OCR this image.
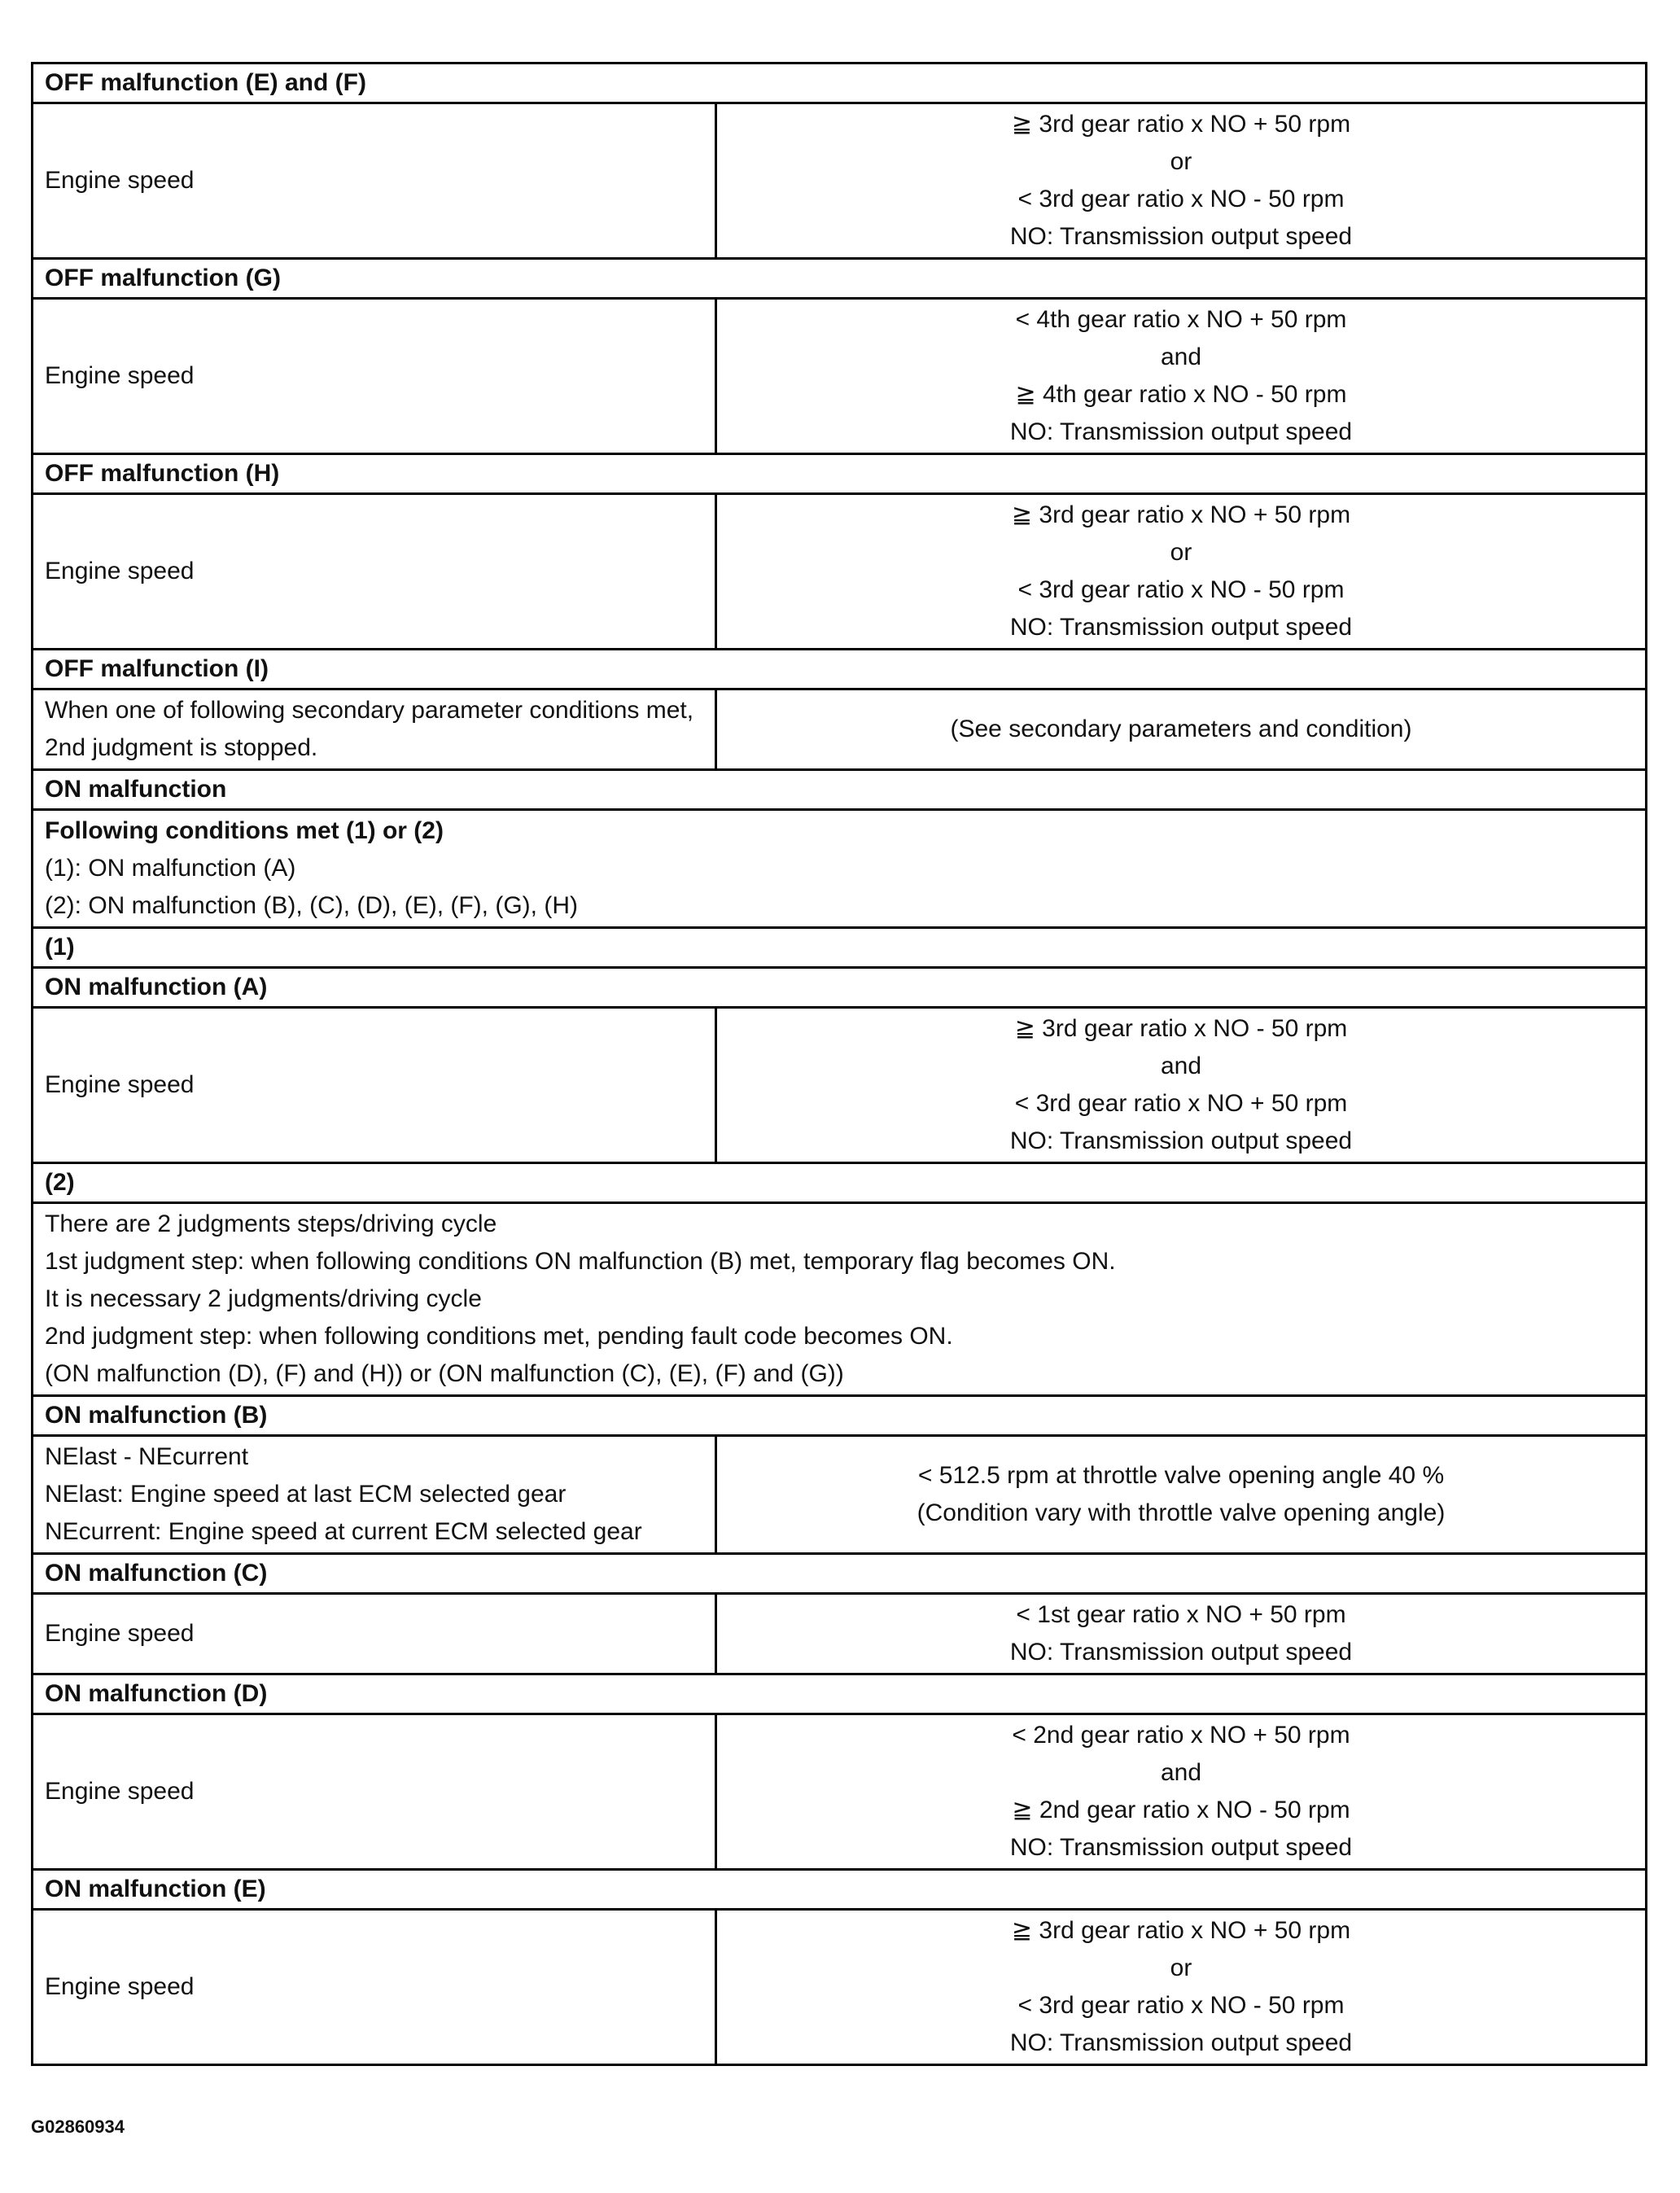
OFF malfunction (E) and (F)	

Engine speed	≧ 3rd gear ratio x NO + 50 rpm
or
< 3rd gear ratio x NO - 50 rpm
NO: Transmission output speed

OFF malfunction (G)	

Engine speed	< 4th gear ratio x NO + 50 rpm
and
≧ 4th gear ratio x NO - 50 rpm
NO: Transmission output speed

OFF malfunction (H)	

Engine speed	≧ 3rd gear ratio x NO + 50 rpm
or
< 3rd gear ratio x NO - 50 rpm
NO: Transmission output speed

OFF malfunction (I)	

When one of following secondary parameter conditions met,
2nd judgment is stopped.	(See secondary parameters and condition)

ON malfunction	

Following conditions met (1) or (2)
(1): ON malfunction (A)
(2): ON malfunction (B), (C), (D), (E), (F), (G), (H)	

(1)	
ON malfunction (A)	

Engine speed	≧ 3rd gear ratio x NO - 50 rpm
and
< 3rd gear ratio x NO + 50 rpm
NO: Transmission output speed

(2)	

There are 2 judgments steps/driving cycle
1st judgment step: when following conditions ON malfunction (B) met, temporary flag becomes ON.
It is necessary 2 judgments/driving cycle
2nd judgment step: when following conditions met, pending fault code becomes ON.
(ON malfunction (D), (F) and (H)) or (ON malfunction (C), (E), (F) and (G))	

ON malfunction (B)	

NElast - NEcurrent
NElast: Engine speed at last ECM selected gear
NEcurrent: Engine speed at current ECM selected gear	< 512.5 rpm at throttle valve opening angle 40 %
(Condition vary with throttle valve opening angle)

ON malfunction (C)	

Engine speed	< 1st gear ratio x NO + 50 rpm
NO: Transmission output speed

ON malfunction (D)	

Engine speed	< 2nd gear ratio x NO + 50 rpm
and
≧ 2nd gear ratio x NO - 50 rpm
NO: Transmission output speed

ON malfunction (E)	

Engine speed	≧ 3rd gear ratio x NO + 50 rpm
or
< 3rd gear ratio x NO - 50 rpm
NO: Transmission output speed
G02860934
